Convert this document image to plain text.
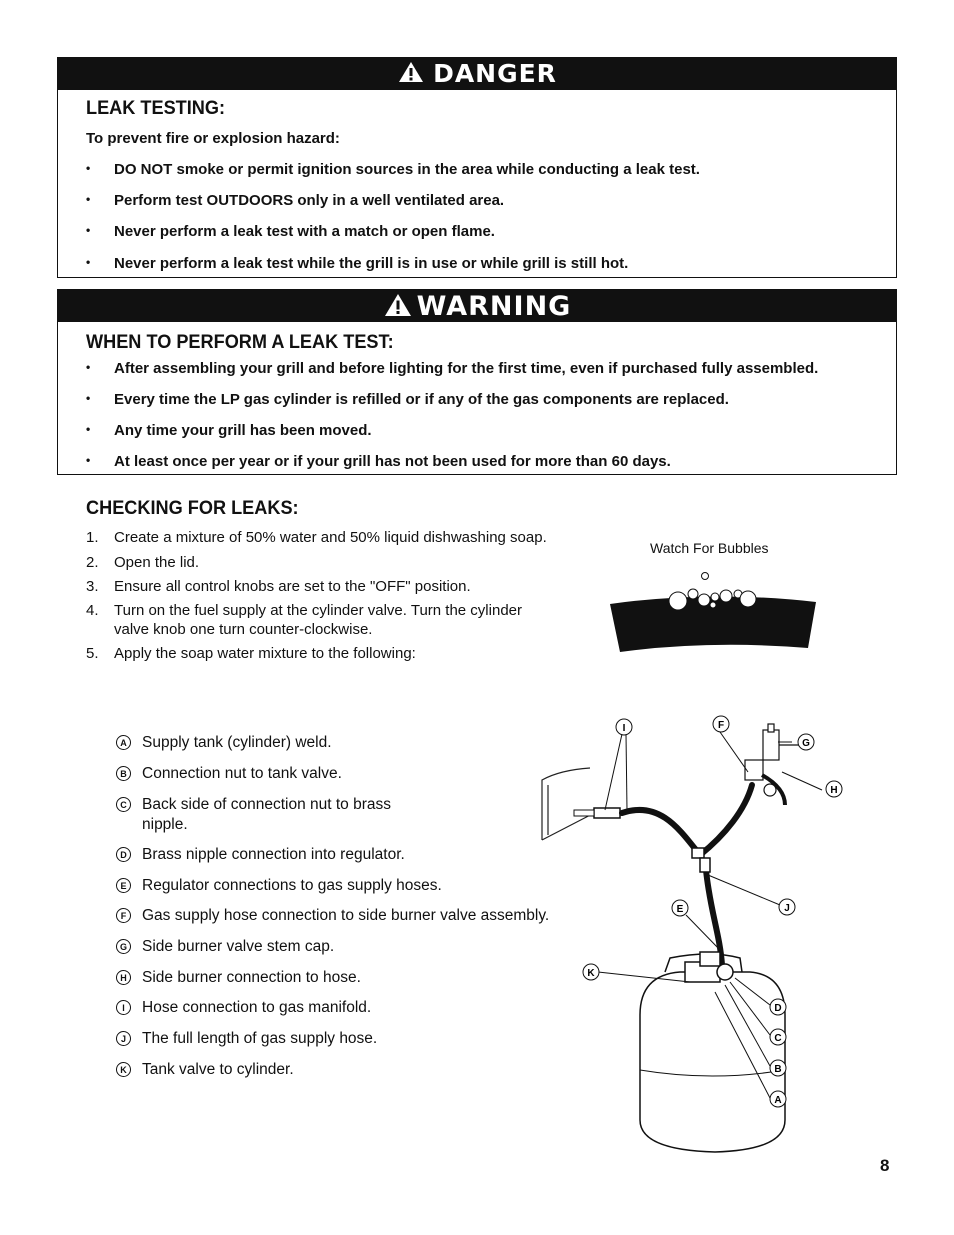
DANGER
LEAK TESTING:
To prevent fire or explosion hazard:
• DO NOT smoke or permit ignition sources in the area while conducting a leak test.
• Perform test OUTDOORS only in a well ventilated area.
• Never perform a leak test with a match or open flame.
• Never perform a leak test while the grill is in use or while grill is still hot.
WARNING
WHEN TO PERFORM A LEAK TEST:
• After assembling your grill and before lighting for the first time, even if purchased fully assembled.
• Every time the LP gas cylinder is refilled or if any of the gas components are replaced.
• Any time your grill has been moved.
• At least once per year or if your grill has not been used for more than 60 days.
CHECKING FOR LEAKS:
1. Create a mixture of 50% water and 50% liquid dishwashing soap.
2. Open the lid.
3. Ensure all control knobs are set to the "OFF" position.
4. Turn on the fuel supply at the cylinder valve. Turn the cylinder valve knob one turn counter-clockwise.
5. Apply the soap water mixture to the following:
Watch For Bubbles
A Supply tank (cylinder) weld.
B Connection nut to tank valve.
C Back side of connection nut to brass nipple.
D Brass nipple connection into regulator.
E Regulator connections to gas supply hoses.
F	Gas supply hose connection to side burner valve assembly.
G Side burner valve stem cap.
H Side burner connection to hose.
I	Hose connection to gas manifold.
J	The full length of gas supply hose.
K Tank valve to cylinder.
I	F
G
H
E	J
K
D
C
B
A
8
